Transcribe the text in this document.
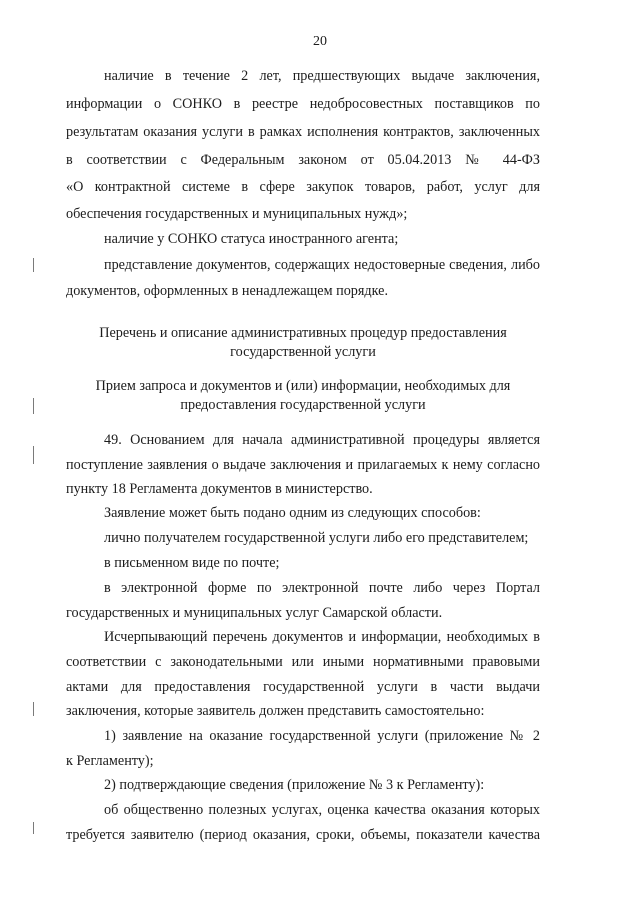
20
наличие в течение 2 лет, предшествующих выдаче заключения,
информации о СОНКО в реестре недобросовестных поставщиков по
результатам оказания услуги в рамках исполнения контрактов, заключенных
в соответствии с Федеральным законом от 05.04.2013 № 44-ФЗ
«О контрактной системе в сфере закупок товаров, работ, услуг для
обеспечения государственных и муниципальных нужд»;
наличие у СОНКО статуса иностранного агента;
представление документов, содержащих недостоверные сведения, либо
документов, оформленных в ненадлежащем порядке.
Перечень и описание административных процедур предоставления
государственной услуги
Прием запроса и документов и (или) информации, необходимых для
предоставления государственной услуги
49. Основанием для начала административной процедуры является
поступление заявления о выдаче заключения и прилагаемых к нему согласно
пункту 18 Регламента документов в министерство.
Заявление может быть подано одним из следующих способов:
лично получателем государственной услуги либо его представителем;
в письменном виде по почте;
в электронной форме по электронной почте либо через Портал
государственных и муниципальных услуг Самарской области.
Исчерпывающий перечень документов и информации, необходимых в
соответствии с законодательными или иными нормативными правовыми
актами для предоставления государственной услуги в части выдачи
заключения, которые заявитель должен представить самостоятельно:
1) заявление на оказание государственной услуги (приложение № 2
к Регламенту);
2) подтверждающие сведения (приложение № 3 к Регламенту):
об общественно полезных услугах, оценка качества оказания которых
требуется заявителю (период оказания, сроки, объемы, показатели качества
